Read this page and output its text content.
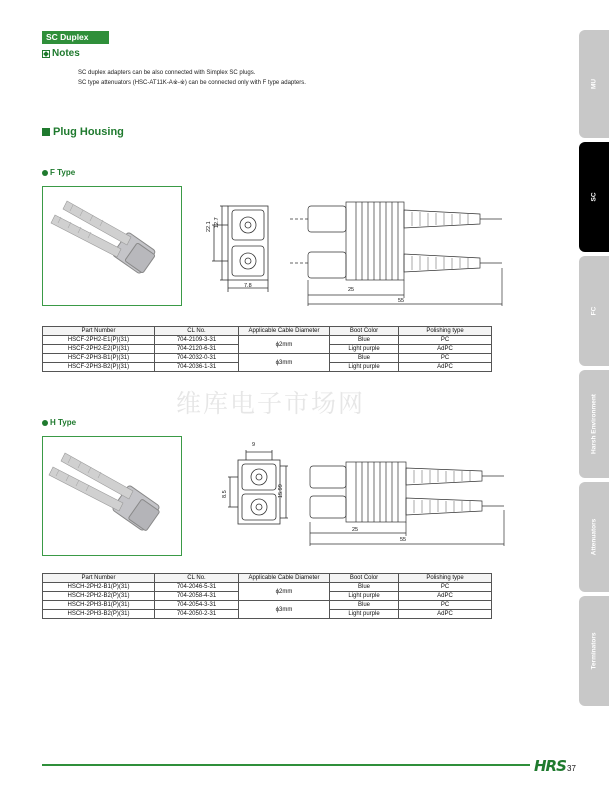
SC Duplex
Notes
SC duplex adapters can be also connected with Simplex SC plugs.
SC type attenuators (HSC-AT11K-A※-※) can be connected only with F type adapters.
Plug Housing
F Type
22.1 12.7
7.8
25
55
Part Number	CL No.	Applicable Cable Diameter	Boot Color	Polishing type
HSCF-2PH2-E1(P)(31)	704-2109-3-31	ϕ2mm	Blue	PC
HSCF-2PH2-E2(P)(31)	704-2120-6-31		Light purple	AdPC
HSCF-2PH3-B1(P)(31)	704-2032-0-31	ϕ3mm	Blue	PC
HSCF-2PH3-B2(P)(31)	704-2036-1-31		Light purple	AdPC
维库电子市场网
H Type
9
8.5	15.99
25
55
Part Number	CL No.	Applicable Cable Diameter	Boot Color	Polishing type
HSCH-2PH2-B1(P)(31)	704-2046-5-31	ϕ2mm	Blue	PC
HSCH-2PH2-B2(P)(31)	704-2058-4-31		Light purple	AdPC
HSCH-2PH3-B1(P)(31)	704-2054-3-31	ϕ3mm	Blue	PC
HSCH-2PH3-B2(P)(31)	704-2050-2-31		Light purple	AdPC
MU
SC
FC
Harsh Environment
Attenuators
Terminators
HRS 37
